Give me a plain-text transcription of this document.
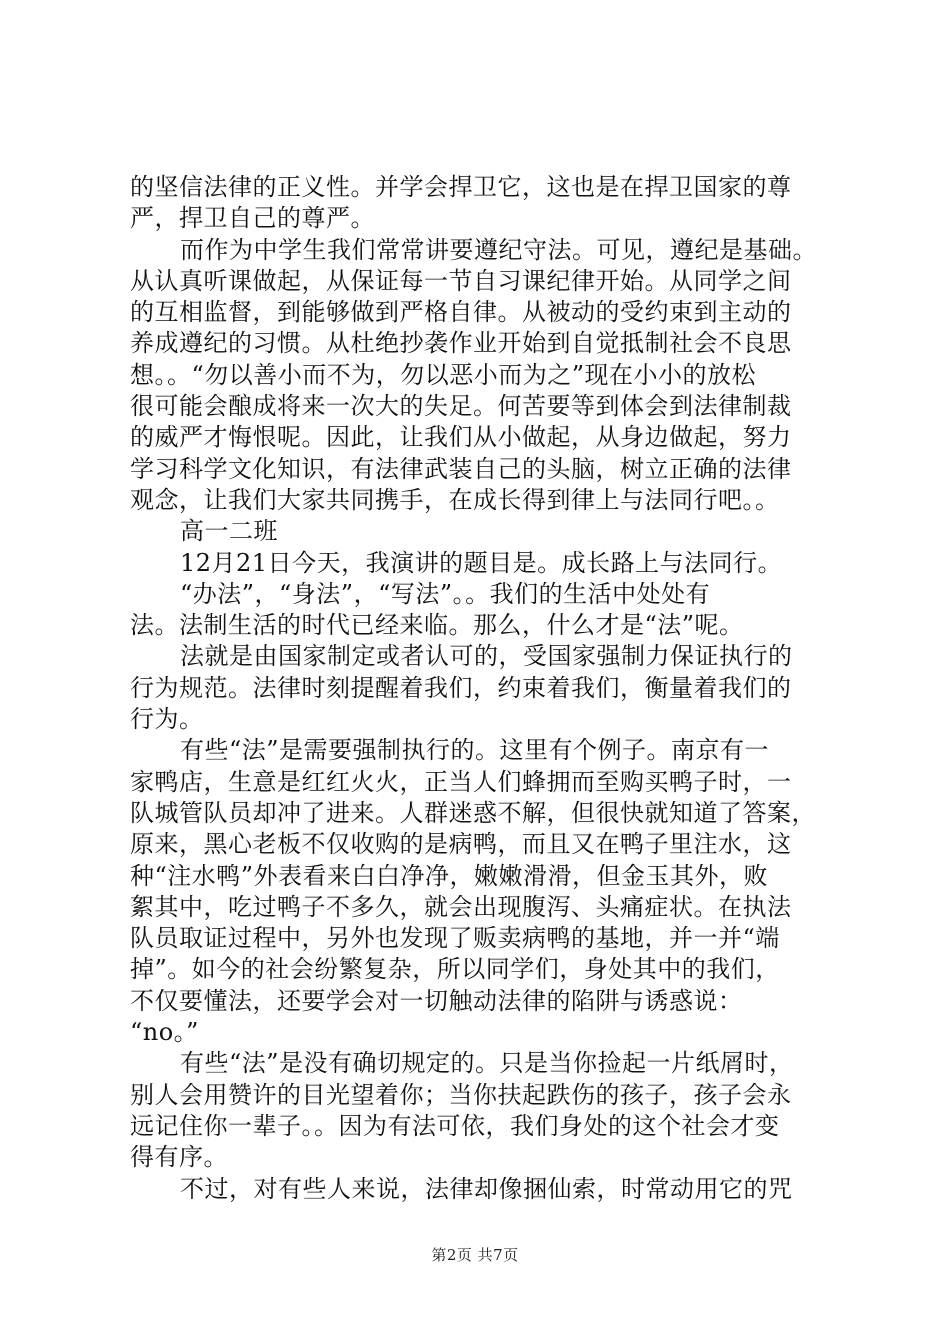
的坚信法律的正义性。并学会捍卫它，这也是在捍卫国家的尊
严，捍卫自己的尊严。
而作为中学生我们常常讲要遵纪守法。可见，遵纪是基础。
从认真听课做起，从保证每一节自习课纪律开始。从同学之间
的互相监督，到能够做到严格自律。从被动的受约束到主动的
养成遵纪的习惯。从杜绝抄袭作业开始到自觉抵制社会不良思
想。。“勿以善小而不为，勿以恶小而为之”现在小小的放松
很可能会酿成将来一次大的失足。何苦要等到体会到法律制裁
的威严才悔恨呢。因此，让我们从小做起，从身边做起，努力
学习科学文化知识，有法律武装自己的头脑，树立正确的法律
观念，让我们大家共同携手，在成长得到律上与法同行吧。。
高一二班
12月21日今天，我演讲的题目是。成长路上与法同行。
“办法”，“身法”，“写法”。。我们的生活中处处有
法。法制生活的时代已经来临。那么，什么才是“法”呢。
法就是由国家制定或者认可的，受国家强制力保证执行的
行为规范。法律时刻提醒着我们，约束着我们，衡量着我们的
行为。
有些“法”是需要强制执行的。这里有个例子。南京有一
家鸭店，生意是红红火火，正当人们蜂拥而至购买鸭子时，一
队城管队员却冲了进来。人群迷惑不解，但很快就知道了答案，
原来，黑心老板不仅收购的是病鸭，而且又在鸭子里注水，这
种“注水鸭”外表看来白白净净，嫩嫩滑滑，但金玉其外，败
絮其中，吃过鸭子不多久，就会出现腹泻、头痛症状。在执法
队员取证过程中，另外也发现了贩卖病鸭的基地，并一并“端
掉”。如今的社会纷繁复杂，所以同学们，身处其中的我们，
不仅要懂法，还要学会对一切触动法律的陷阱与诱惑说：
“no。”
有些“法”是没有确切规定的。只是当你捡起一片纸屑时，
别人会用赞许的目光望着你；当你扶起跌伤的孩子，孩子会永
远记住你一辈子。。因为有法可依，我们身处的这个社会才变
得有序。
不过，对有些人来说，法律却像捆仙索，时常动用它的咒
第2页 共7页
